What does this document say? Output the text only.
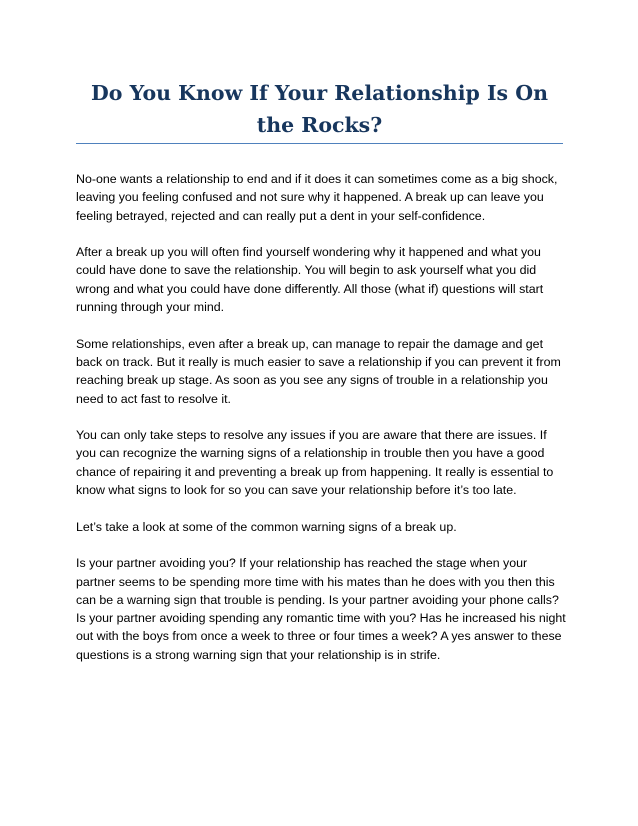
Do You Know If Your Relationship Is On the Rocks?

No-one wants a relationship to end and if it does it can sometimes come as a big shock, leaving you feeling confused and not sure why it happened. A break up can leave you feeling betrayed, rejected and can really put a dent in your self-confidence.

After a break up you will often find yourself wondering why it happened and what you could have done to save the relationship. You will begin to ask yourself what you did wrong and what you could have done differently. All those (what if) questions will start running through your mind.

Some relationships, even after a break up, can manage to repair the damage and get back on track. But it really is much easier to save a relationship if you can prevent it from reaching break up stage. As soon as you see any signs of trouble in a relationship you need to act fast to resolve it.

You can only take steps to resolve any issues if you are aware that there are issues. If you can recognize the warning signs of a relationship in trouble then you have a good chance of repairing it and preventing a break up from happening. It really is essential to know what signs to look for so you can save your relationship before it’s too late.

Let’s take a look at some of the common warning signs of a break up.

Is your partner avoiding you? If your relationship has reached the stage when your partner seems to be spending more time with his mates than he does with you then this can be a warning sign that trouble is pending. Is your partner avoiding your phone calls? Is your partner avoiding spending any romantic time with you? Has he increased his night out with the boys from once a week to three or four times a week? A yes answer to these questions is a strong warning sign that your relationship is in strife.
